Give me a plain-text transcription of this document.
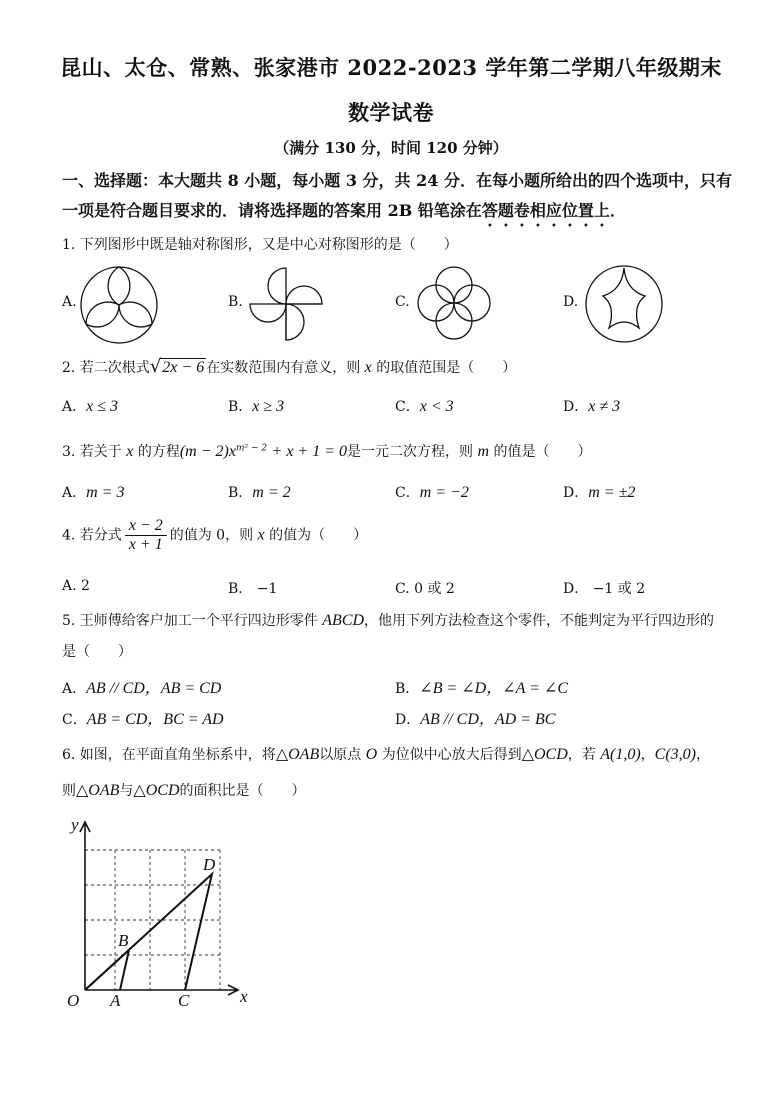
昆山、太仓、常熟、张家港市 2022-2023 学年第二学期八年级期末
数学试卷
（满分 130 分，时间 120 分钟）
一、选择题：本大题共 8 小题，每小题 3 分，共 24 分．在每小题所给出的四个选项中，只有
一项是符合题目要求的．请将选择题的答案用 2B 铅笔涂在答题卷相应位置上．
1. 下列图形中既是轴对称图形，又是中心对称图形的是（　　）
A.	B.	C.	D.
2. 若二次根式√2x − 6 在实数范围内有意义，则 x 的取值范围是（　　）
A．x ≤ 3	B．x ≥ 3	C．x < 3	D．x ≠ 3
3. 若关于 x 的方程$(m - 2)x^{m^2 - 2} + x + 1 = 0$是一元二次方程，则 m 的值是（　　）
A．m = 3	B．m = 2	C．m = −2	D．m = ±2
4. 若分式 $\frac{x - 2}{x + 1}$ 的值为 0，则 x 的值为（　　）
A. 2	B． −1	C. 0 或 2	D． −1 或 2
5. 王师傅给客户加工一个平行四边形零件 ABCD，他用下列方法检查这个零件，不能判定为平行四边形的
是（　　）
A．AB // CD，AB = CD	B．∠B = ∠D，∠A = ∠C
C．AB = CD，BC = AD	D．AB // CD，AD = BC
6. 如图，在平面直角坐标系中，将△OAB以原点 O 为位似中心放大后得到△OCD，若 A(1,0)，C(3,0)，
则△OAB与△OCD的面积比是（　　）
y
x
O A
B
C
D
